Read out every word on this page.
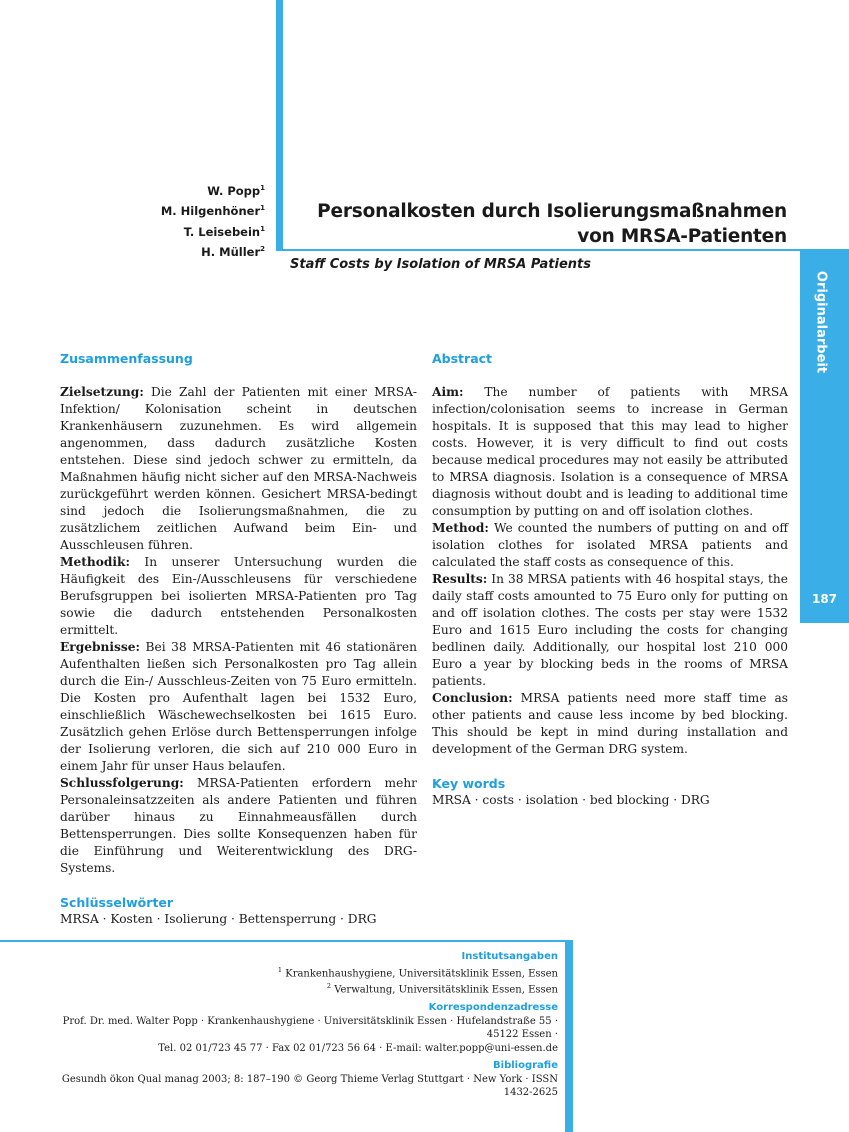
Originalarbeit
187
W. Popp$^1$
M. Hilgenhöner$^1$
T. Leisebein$^1$
H. Müller$^2$
Personalkosten durch Isolierungsmaßnahmen
von MRSA-Patienten
Staff Costs by Isolation of MRSA Patients
Zusammenfassung

Zielsetzung: Die Zahl der Patienten mit einer MRSA-Infektion/ Kolonisation scheint in deutschen Krankenhäusern zuzunehmen. Es wird allgemein angenommen, dass dadurch zusätzliche Kosten entstehen. Diese sind jedoch schwer zu ermitteln, da Maßnahmen häufig nicht sicher auf den MRSA-Nachweis zurückgeführt werden können. Gesichert MRSA-bedingt sind jedoch die Isolierungsmaßnahmen, die zu zusätzlichem zeitlichen Aufwand beim Ein- und Ausschleusen führen.

Methodik: In unserer Untersuchung wurden die Häufigkeit des Ein-/Ausschleusens für verschiedene Berufsgruppen bei isolierten MRSA-Patienten pro Tag sowie die dadurch entstehenden Personalkosten ermittelt.

Ergebnisse: Bei 38 MRSA-Patienten mit 46 stationären Aufenthalten ließen sich Personalkosten pro Tag allein durch die Ein-/ Ausschleus-Zeiten von 75 Euro ermitteln. Die Kosten pro Aufenthalt lagen bei 1532 Euro, einschließlich Wäschewechselkosten bei 1615 Euro. Zusätzlich gehen Erlöse durch Bettensperrungen infolge der Isolierung verloren, die sich auf 210 000 Euro in einem Jahr für unser Haus belaufen.

Schlussfolgerung: MRSA-Patienten erfordern mehr Personaleinsatzzeiten als andere Patienten und führen darüber hinaus zu Einnahmeausfällen durch Bettensperrungen. Dies sollte Konsequenzen haben für die Einführung und Weiterentwicklung des DRG-Systems.

Schlüsselwörter
MRSA · Kosten · Isolierung · Bettensperrung · DRG
Abstract

Aim: The number of patients with MRSA infection/colonisation seems to increase in German hospitals. It is supposed that this may lead to higher costs. However, it is very difficult to find out costs because medical procedures may not easily be attributed to MRSA diagnosis. Isolation is a consequence of MRSA diagnosis without doubt and is leading to additional time consumption by putting on and off isolation clothes.

Method: We counted the numbers of putting on and off isolation clothes for isolated MRSA patients and calculated the staff costs as consequence of this.

Results: In 38 MRSA patients with 46 hospital stays, the daily staff costs amounted to 75 Euro only for putting on and off isolation clothes. The costs per stay were 1532 Euro and 1615 Euro including the costs for changing bedlinen daily. Additionally, our hospital lost 210 000 Euro a year by blocking beds in the rooms of MRSA patients.

Conclusion: MRSA patients need more staff time as other patients and cause less income by bed blocking. This should be kept in mind during installation and development of the German DRG system.

Key words
MRSA · costs · isolation · bed blocking · DRG
Institutsangaben
$^1$ Krankenhaushygiene, Universitätsklinik Essen, Essen
$^2$ Verwaltung, Universitätsklinik Essen, Essen
Korrespondenzadresse
Prof. Dr. med. Walter Popp · Krankenhaushygiene · Universitätsklinik Essen · Hufelandstraße 55 · 45122 Essen ·
Tel. 02 01/723 45 77 · Fax 02 01/723 56 64 · E-mail: walter.popp@uni-essen.de
Bibliografie
Gesundh ökon Qual manag 2003; 8: 187–190 © Georg Thieme Verlag Stuttgart · New York · ISSN 1432-2625
